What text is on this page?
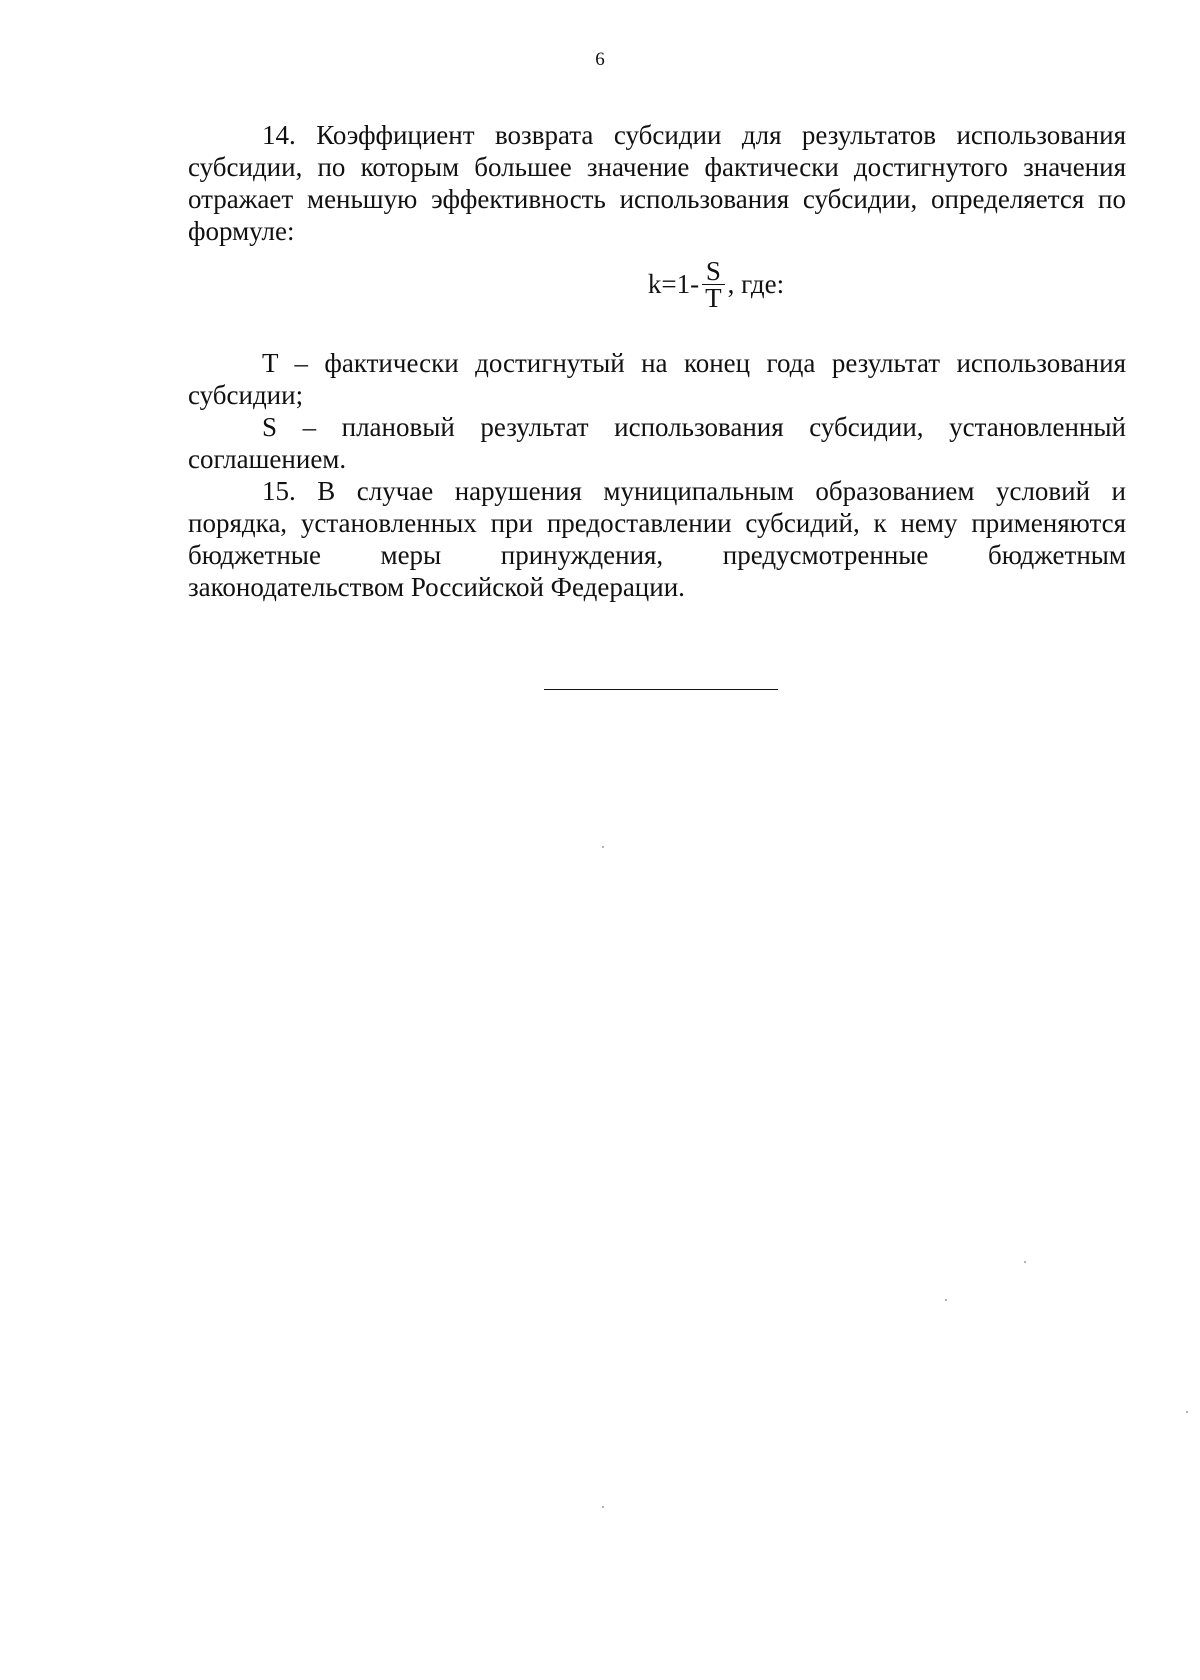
6

14. Коэффициент возврата субсидии для результатов использования субсидии, по которым большее значение фактически достигнутого значения отражает меньшую эффективность использования субсидии, определяется по формуле:

$k=1- \frac{S}{T}$ , где:

T – фактически достигнутый на конец года результат использования субсидии;

S – плановый результат использования субсидии, установленный соглашением.

15. В случае нарушения муниципальным образованием условий и порядка, установленных при предоставлении субсидий, к нему применяются бюджетные меры принуждения, предусмотренные бюджетным законодательством Российской Федерации.
